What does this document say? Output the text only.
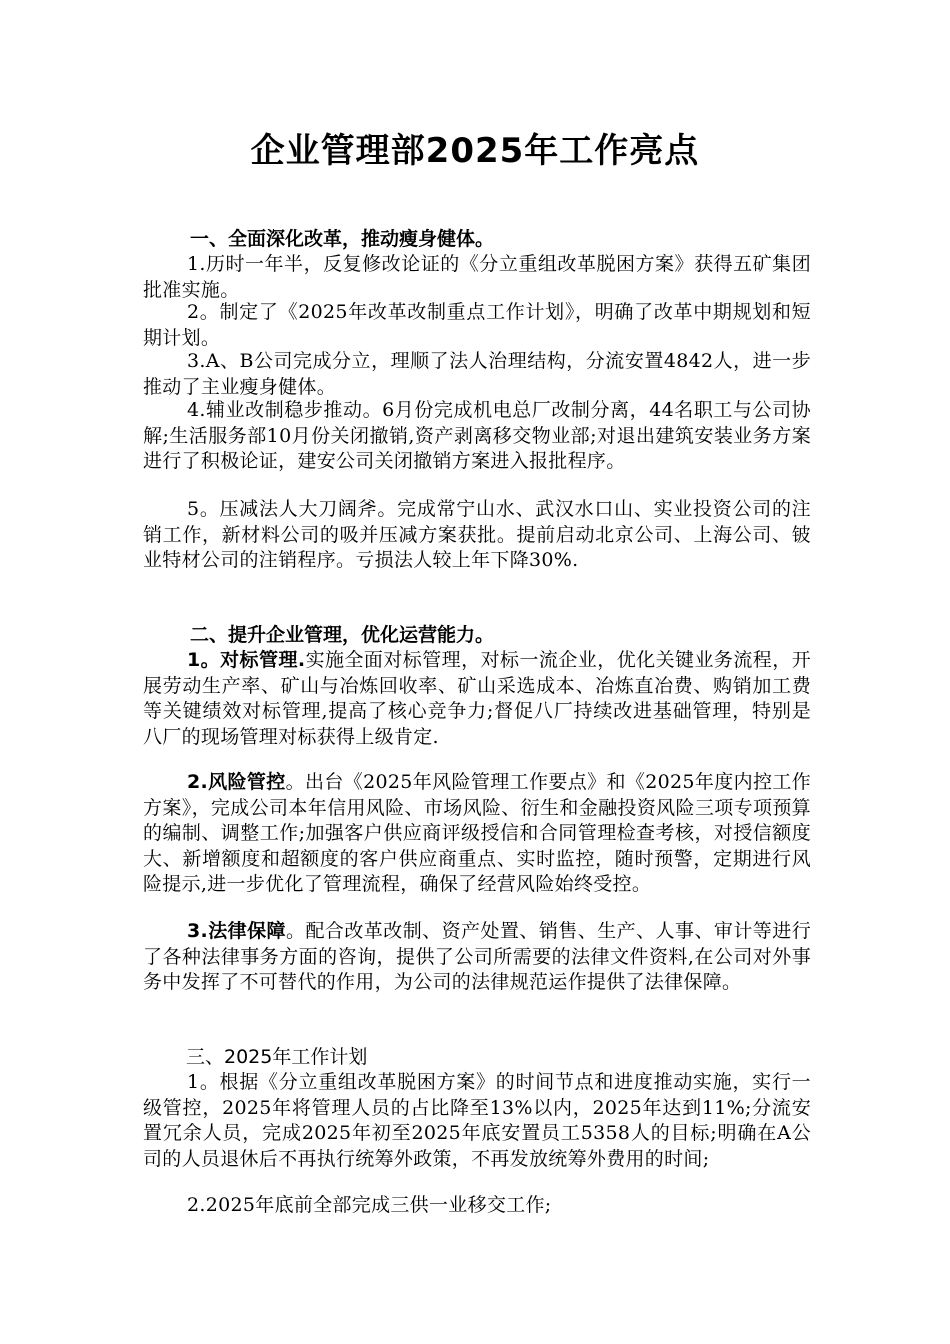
企业管理部2025年工作亮点
一、全面深化改革，推动瘦身健体。

1.历时一年半，反复修改论证的《分立重组改革脱困方案》获得五矿集团批准实施。

2。制定了《2025年改革改制重点工作计划》，明确了改革中期规划和短期计划。

3.A、B公司完成分立，理顺了法人治理结构，分流安置4842人，进一步推动了主业瘦身健体。

4.辅业改制稳步推动。6月份完成机电总厂改制分离，44名职工与公司协解;生活服务部10月份关闭撤销,资产剥离移交物业部;对退出建筑安装业务方案进行了积极论证，建安公司关闭撤销方案进入报批程序。

5。压减法人大刀阔斧。完成常宁山水、武汉水口山、实业投资公司的注销工作，新材料公司的吸并压减方案获批。提前启动北京公司、上海公司、铍业特材公司的注销程序。亏损法人较上年下降30%.

二、提升企业管理，优化运营能力。

1。对标管理.实施全面对标管理，对标一流企业，优化关键业务流程，开展劳动生产率、矿山与冶炼回收率、矿山采选成本、冶炼直冶费、购销加工费等关键绩效对标管理,提高了核心竞争力;督促八厂持续改进基础管理，特别是八厂的现场管理对标获得上级肯定.

2.风险管控。出台《2025年风险管理工作要点》和《2025年度内控工作方案》，完成公司本年信用风险、市场风险、衍生和金融投资风险三项专项预算的编制、调整工作;加强客户供应商评级授信和合同管理检查考核，对授信额度大、新增额度和超额度的客户供应商重点、实时监控，随时预警，定期进行风险提示,进一步优化了管理流程，确保了经营风险始终受控。

3.法律保障。配合改革改制、资产处置、销售、生产、人事、审计等进行了各种法律事务方面的咨询，提供了公司所需要的法律文件资料,在公司对外事务中发挥了不可替代的作用，为公司的法律规范运作提供了法律保障。

三、2025年工作计划

1。根据《分立重组改革脱困方案》的时间节点和进度推动实施，实行一级管控，2025年将管理人员的占比降至13%以内，2025年达到11%;分流安置冗余人员，完成2025年初至2025年底安置员工5358人的目标;明确在A公司的人员退休后不再执行统筹外政策，不再发放统筹外费用的时间;

2.2025年底前全部完成三供一业移交工作;
